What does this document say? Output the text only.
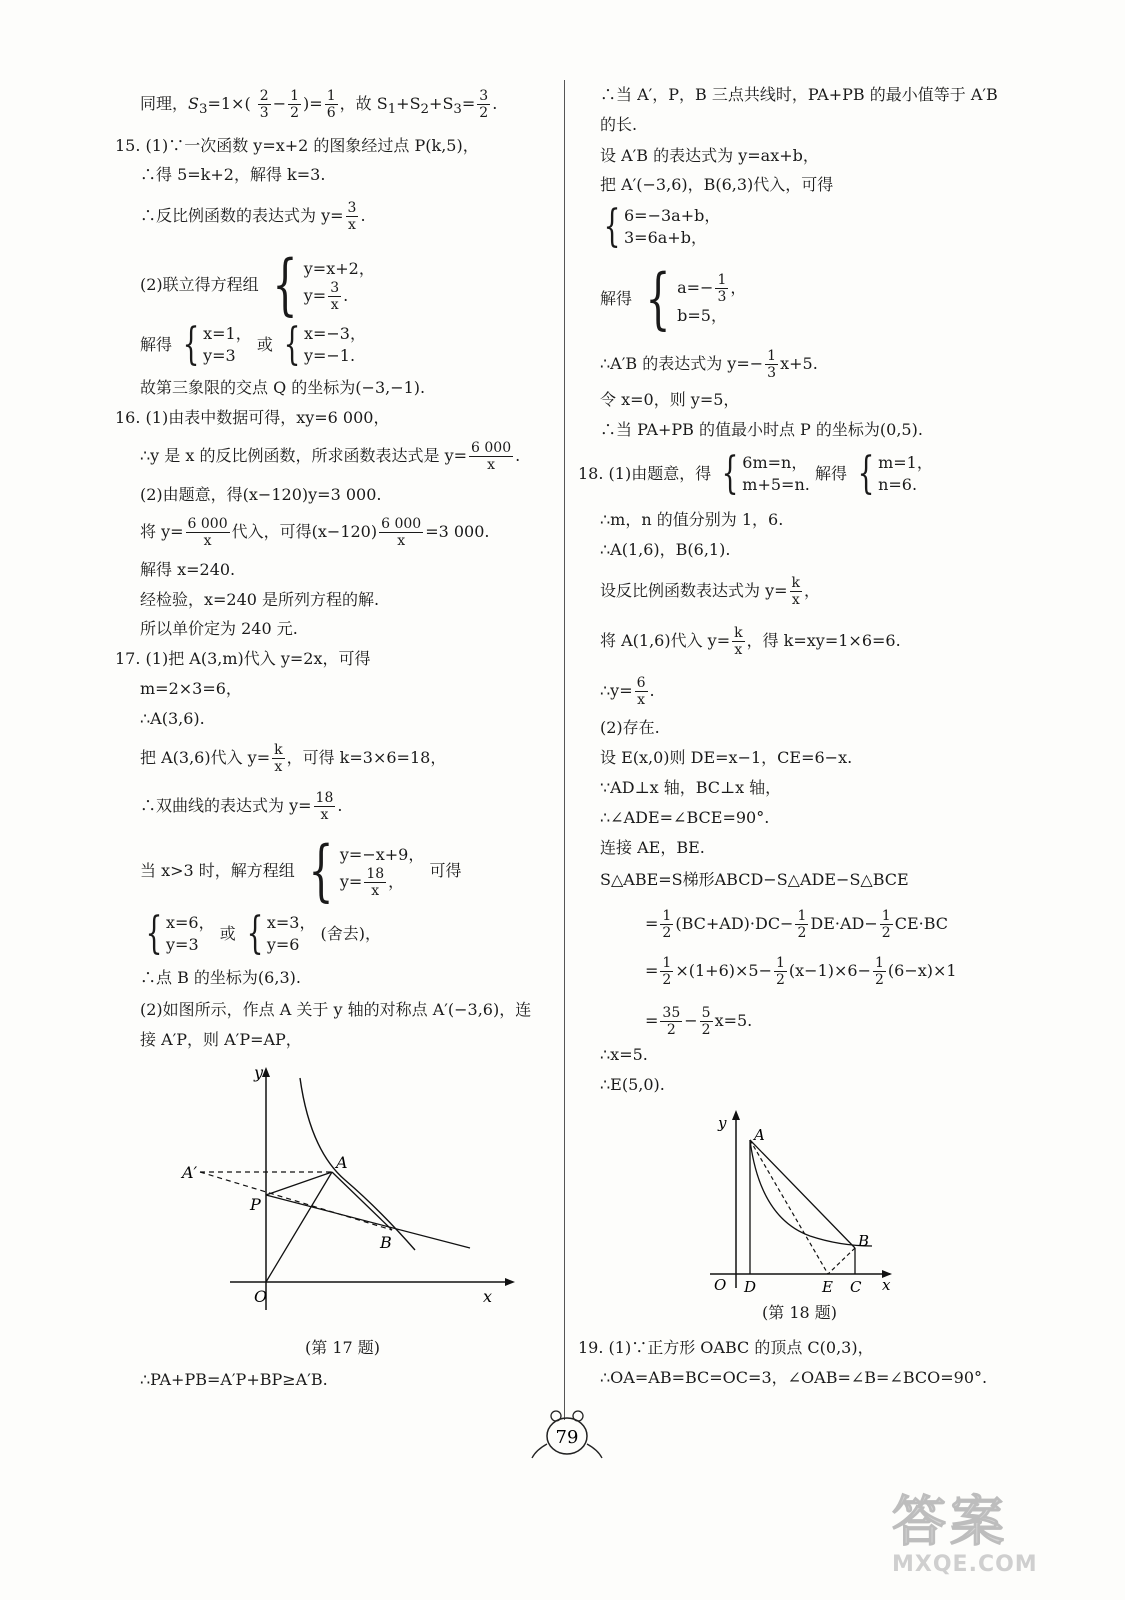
同理，$S_3=1\times( \frac{2}{3} - \frac{1}{2}$ )= $\frac{1}{6}$ ，故 $S_1+S_2+S_3= \frac{3}{2}$ .
15. (1)∵一次函数 y=x+2 的图象经过点 P(k,5)，
∴得 5=k+2，解得 k=3.
∴反比例函数的表达式为 $y= \frac{3}{x}$ .
(2)联立得方程组 { y=x+2，
$y= \frac{3}{x}$ .
解得 { x=1，
y=3
或 { x=−3，
y=−1.
故第三象限的交点 Q 的坐标为(−3,−1).
16. (1)由表中数据可得，xy=6 000，
∴y 是 x 的反比例函数，所求函数表达式是 $y= \frac{6 000}{x}$ .
(2)由题意，得(x−120)y=3 000.
将 $y= \frac{6 000}{x}$ 代入，可得$(x-120) \frac{6 000}{x} =3$ 000.
解得 x=240.
经检验，x=240 是所列方程的解.
所以单价定为 240 元.
17. (1)把 A(3,m)代入 y=2x，可得
m=2×3=6，
∴A(3,6).
把 A(3,6)代入 $y= \frac{k}{x}$ ，可得 k=3×6=18，
∴双曲线的表达式为 $y= \frac{18}{x}$ .
当 x>3 时，解方程组 { y=−x+9，
$y= \frac{18}{x}$ ，
可得
{ x=6，
y=3
或 { x=3，
y=6
(舍去)，
∴点 B 的坐标为(6,3).
(2)如图所示，作点 A 关于 y 轴的对称点 A′(−3,6)，连
接 A′P，则 A′P=AP，
y
x
O
A
A′
P
B
(第 17 题)
∴PA+PB=A′P+BP≥A′B.
∴当 A′，P，B 三点共线时，PA+PB 的最小值等于 A′B
的长.
设 A′B 的表达式为 y=ax+b，
把 A′(−3,6)，B(6,3)代入，可得
{ 6=−3a+b，
3=6a+b，
解得 { $a=- \frac{1}{3}$ ，
b=5，
∴A′B 的表达式为 $y=- \frac{1}{3} x+5$.
令 x=0，则 y=5，
∴当 PA+PB 的值最小时点 P 的坐标为(0,5).
18. (1)由题意，得 { 6m=n，
m+5=n.
解得 { m=1，
n=6.
∴m，n 的值分别为 1，6.
∴A(1,6)，B(6,1).
设反比例函数表达式为 $y= \frac{k}{x}$ ，
将 A(1,6)代入 $y= \frac{k}{x}$ ，得 k=xy=1×6=6.
∴y= $\frac{6}{x}$ .
(2)存在.
设 E(x,0)则 DE=x−1，CE=6−x.
∵AD⊥x 轴，BC⊥x 轴，
∴∠ADE=∠BCE=90°.
连接 AE，BE.
S△ABE=S梯形ABCD−S△ADE−S△BCE
= $\frac{1}{2} (BC+AD)\cdot DC- \frac{1}{2} DE\cdot AD- \frac{1}{2} CE\cdot BC$
= $\frac{1}{2} \times(1+6)\times 5- \frac{1}{2} (x-1)\times 6- \frac{1}{2} (6-x)\times 1$
= $\frac{35}{2} - \frac{5}{2} x=5$.
∴x=5.
∴E(5,0).
y
x
O
A
B
D	E C
(第 18 题)
19. (1)∵正方形 OABC 的顶点 C(0,3)，
∴OA=AB=BC=OC=3，∠OAB=∠B=∠BCO=90°.
79
答案
MXQE.COM
